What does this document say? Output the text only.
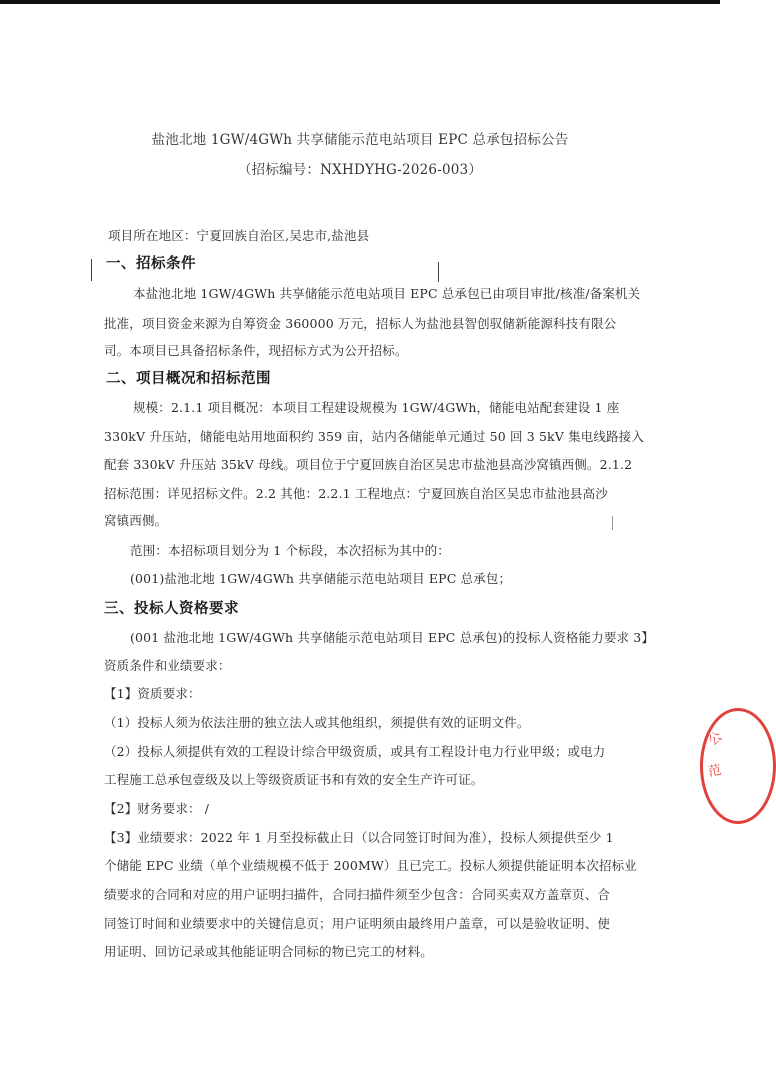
盐池北地 1GW/4GWh 共享储能示范电站项目 EPC 总承包招标公告
（招标编号：NXHDYHG-2026-003）
项目所在地区：宁夏回族自治区,吴忠市,盐池县
一、招标条件
本盐池北地 1GW/4GWh 共享储能示范电站项目 EPC 总承包已由项目审批/核准/备案机关
批准，项目资金来源为自筹资金 360000 万元，招标人为盐池县智创驭储新能源科技有限公
司。本项目已具备招标条件，现招标方式为公开招标。
二、项目概况和招标范围
规模：2.1.1 项目概况：本项目工程建设规模为 1GW/4GWh，储能电站配套建设 1 座
330kV 升压站，储能电站用地面积约 359 亩，站内各储能单元通过 50 回 3 5kV 集电线路接入
配套 330kV 升压站 35kV 母线。项目位于宁夏回族自治区吴忠市盐池县高沙窝镇西侧。2.1.2
招标范围：详见招标文件。2.2 其他：2.2.1 工程地点：宁夏回族自治区吴忠市盐池县高沙
窝镇西侧。
范围：本招标项目划分为 1 个标段，本次招标为其中的：
(001)盐池北地 1GW/4GWh 共享储能示范电站项目 EPC 总承包；
三、投标人资格要求
(001 盐池北地 1GW/4GWh 共享储能示范电站项目 EPC 总承包)的投标人资格能力要求 3】
资质条件和业绩要求：
【1】资质要求：
（1）投标人须为依法注册的独立法人或其他组织，须提供有效的证明文件。
（2）投标人须提供有效的工程设计综合甲级资质，或具有工程设计电力行业甲级；或电力
工程施工总承包壹级及以上等级资质证书和有效的安全生产许可证。
【2】财务要求： /
【3】业绩要求：2022 年 1 月至投标截止日（以合同签订时间为准），投标人须提供至少 1
个储能 EPC 业绩（单个业绩规模不低于 200MW）且已完工。投标人须提供能证明本次招标业
绩要求的合同和对应的用户证明扫描件，合同扫描件须至少包含：合同买卖双方盖章页、合
同签订时间和业绩要求中的关键信息页；用户证明须由最终用户盖章，可以是验收证明、使
用证明、回访记录或其他能证明合同标的物已完工的材料。
公
范
